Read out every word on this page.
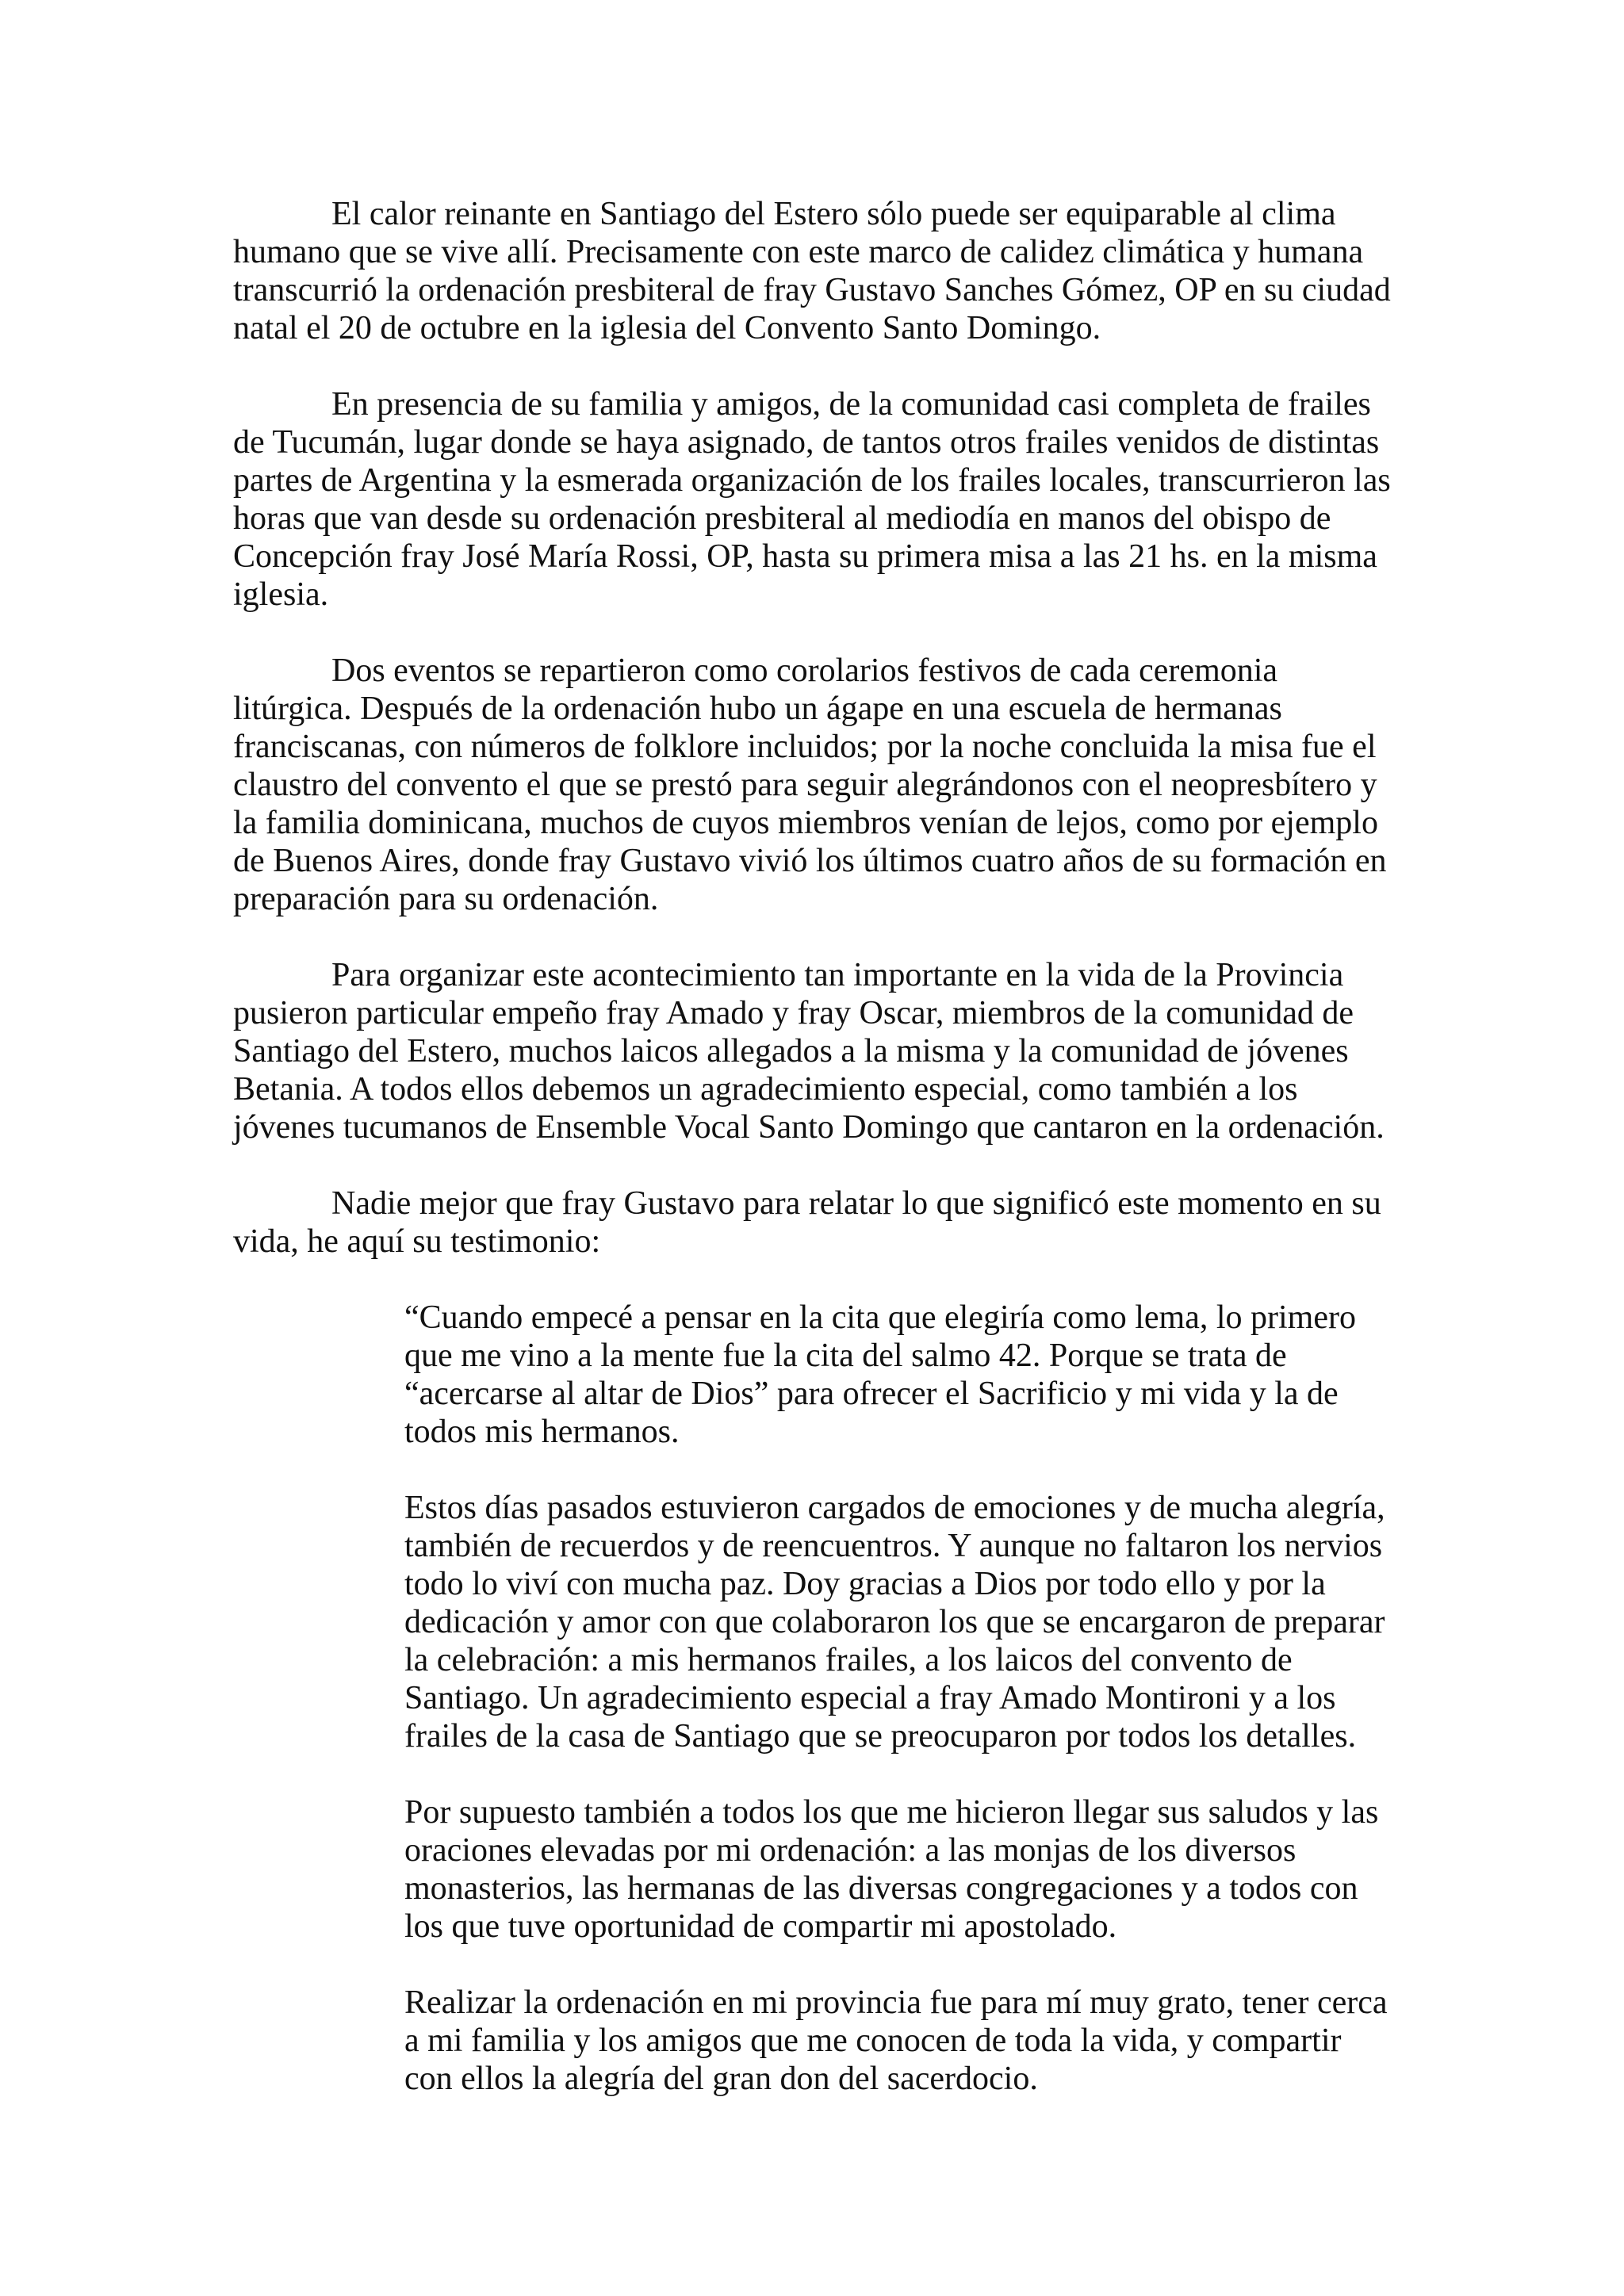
El calor reinante en Santiago del Estero sólo puede ser equiparable al clima humano que se vive allí. Precisamente con este marco de calidez climática y humana transcurrió la ordenación presbiteral de fray Gustavo Sanches Gómez, OP en su ciudad natal el 20 de octubre en la iglesia del Convento Santo Domingo.

En presencia de su familia y amigos, de la comunidad casi completa de frailes de Tucumán, lugar donde se haya asignado, de tantos otros frailes venidos de distintas partes de Argentina y la esmerada organización de los frailes locales, transcurrieron las horas que van desde su ordenación presbiteral al mediodía en manos del obispo de Concepción fray José María Rossi, OP, hasta su primera misa a las 21 hs. en la misma iglesia.

Dos eventos se repartieron como corolarios festivos de cada ceremonia litúrgica. Después de la ordenación hubo un ágape en una escuela de hermanas franciscanas, con números de folklore incluidos; por la noche concluida la misa fue el claustro del convento el que se prestó para seguir alegrándonos con el neopresbítero y la familia dominicana, muchos de cuyos miembros venían de lejos, como por ejemplo de Buenos Aires, donde fray Gustavo vivió los últimos cuatro años de su formación en preparación para su ordenación.

Para organizar este acontecimiento tan importante en la vida de la Provincia pusieron particular empeño fray Amado y fray Oscar, miembros de la comunidad de Santiago del Estero, muchos laicos allegados a la misma y la comunidad de jóvenes Betania. A todos ellos debemos un agradecimiento especial, como también a los jóvenes tucumanos de Ensemble Vocal Santo Domingo que cantaron en la ordenación.

Nadie mejor que fray Gustavo para relatar lo que significó este momento en su vida, he aquí su testimonio:

“Cuando empecé a pensar en la cita que elegiría como lema, lo primero que me vino a la mente fue la cita del salmo 42. Porque se trata de “acercarse al altar de Dios” para ofrecer el Sacrificio y mi vida y la de todos mis hermanos.

Estos días pasados estuvieron cargados de emociones y de mucha alegría, también de recuerdos y de reencuentros. Y aunque no faltaron los nervios todo lo viví con mucha paz. Doy gracias a Dios por todo ello y por la dedicación y amor con que colaboraron los que se encargaron de preparar la celebración: a mis hermanos frailes, a los laicos del convento de Santiago. Un agradecimiento especial a fray Amado Montironi y a los frailes de la casa de Santiago que se preocuparon por todos los detalles.

Por supuesto también a todos los que me hicieron llegar sus saludos y las oraciones elevadas por mi ordenación: a las monjas de los diversos monasterios, las hermanas de las diversas congregaciones y a todos con los que tuve oportunidad de compartir mi apostolado.

Realizar la ordenación en mi provincia fue para mí muy grato, tener cerca a mi familia y los amigos que me conocen de toda la vida, y compartir con ellos la alegría del gran don del sacerdocio.
